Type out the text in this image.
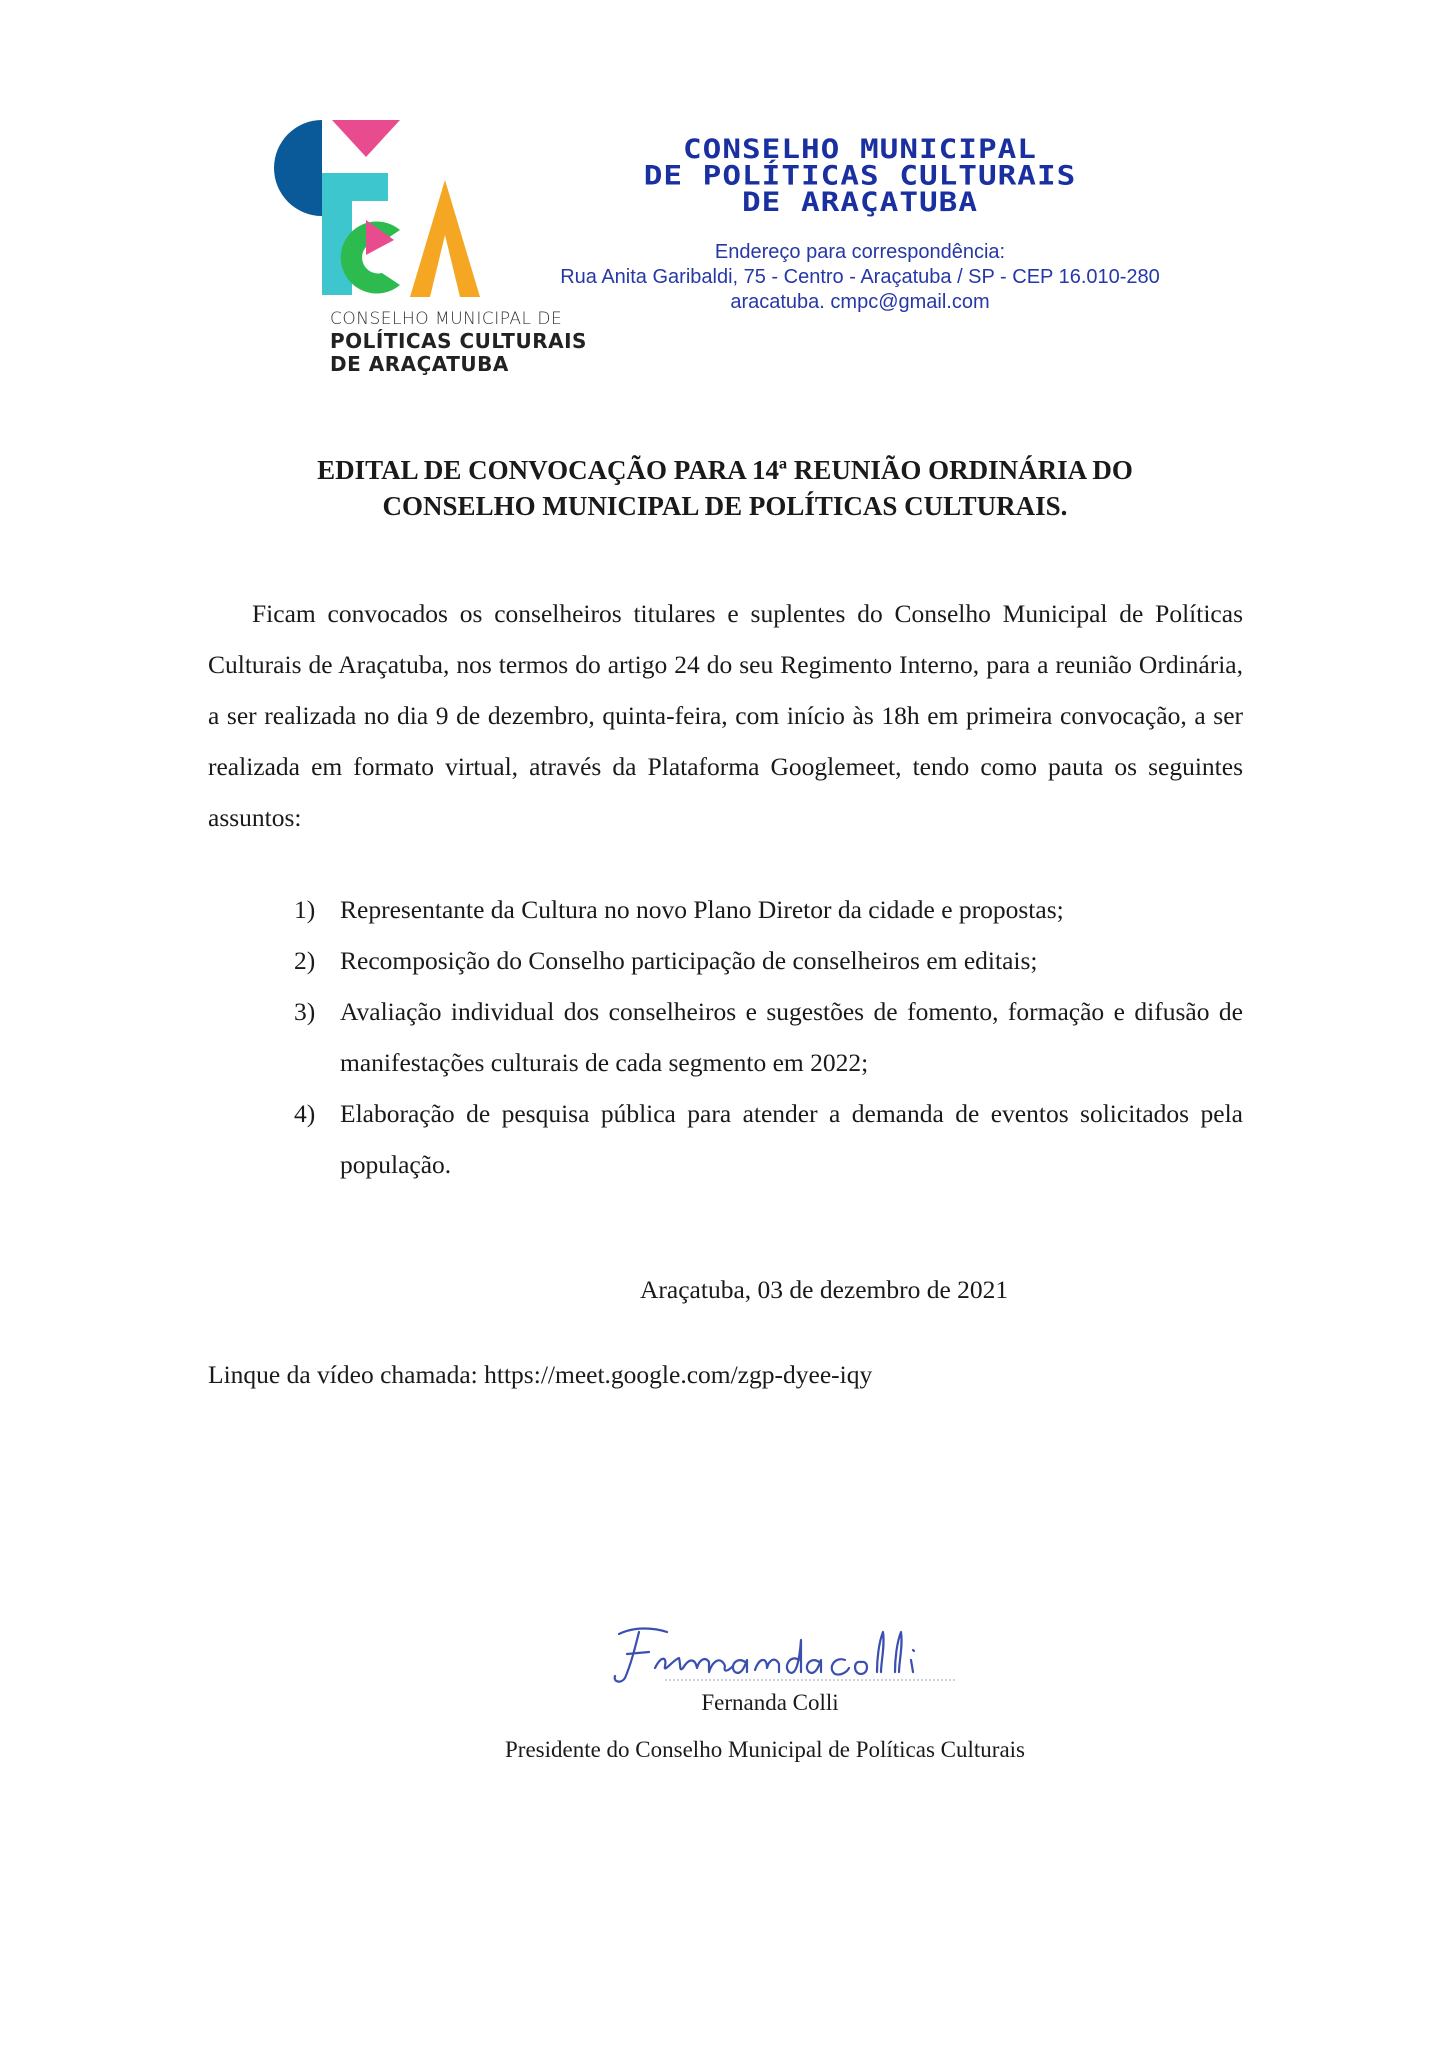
CONSELHO MUNICIPAL DE
POLÍTICAS CULTURAIS
DE ARAÇATUBA
CONSELHO MUNICIPAL
DE POLÍTICAS CULTURAIS
DE ARAÇATUBA
Endereço para correspondência:
Rua Anita Garibaldi, 75 - Centro - Araçatuba / SP - CEP 16.010-280
aracatuba. cmpc@gmail.com
EDITAL DE CONVOCAÇÃO PARA 14ª REUNIÃO ORDINÁRIA DO
CONSELHO MUNICIPAL DE POLÍTICAS CULTURAIS.

Ficam convocados os conselheiros titulares e suplentes do Conselho Municipal de Políticas Culturais de Araçatuba, nos termos do artigo 24 do seu Regimento Interno, para a reunião Ordinária, a ser realizada no dia 9 de dezembro, quinta-feira, com início às 18h em primeira convocação, a ser realizada em formato virtual, através da Plataforma Googlemeet, tendo como pauta os seguintes assuntos:

1) Representante da Cultura no novo Plano Diretor da cidade e propostas;
2) Recomposição do Conselho participação de conselheiros em editais;
3) Avaliação individual dos conselheiros e sugestões de fomento, formação e difusão de manifestações culturais de cada segmento em 2022;
4) Elaboração de pesquisa pública para atender a demanda de eventos solicitados pela população.
Araçatuba, 03 de dezembro de 2021
Linque da vídeo chamada: https://meet.google.com/zgp-dyee-iqy
Fernanda Colli
Presidente do Conselho Municipal de Políticas Culturais
